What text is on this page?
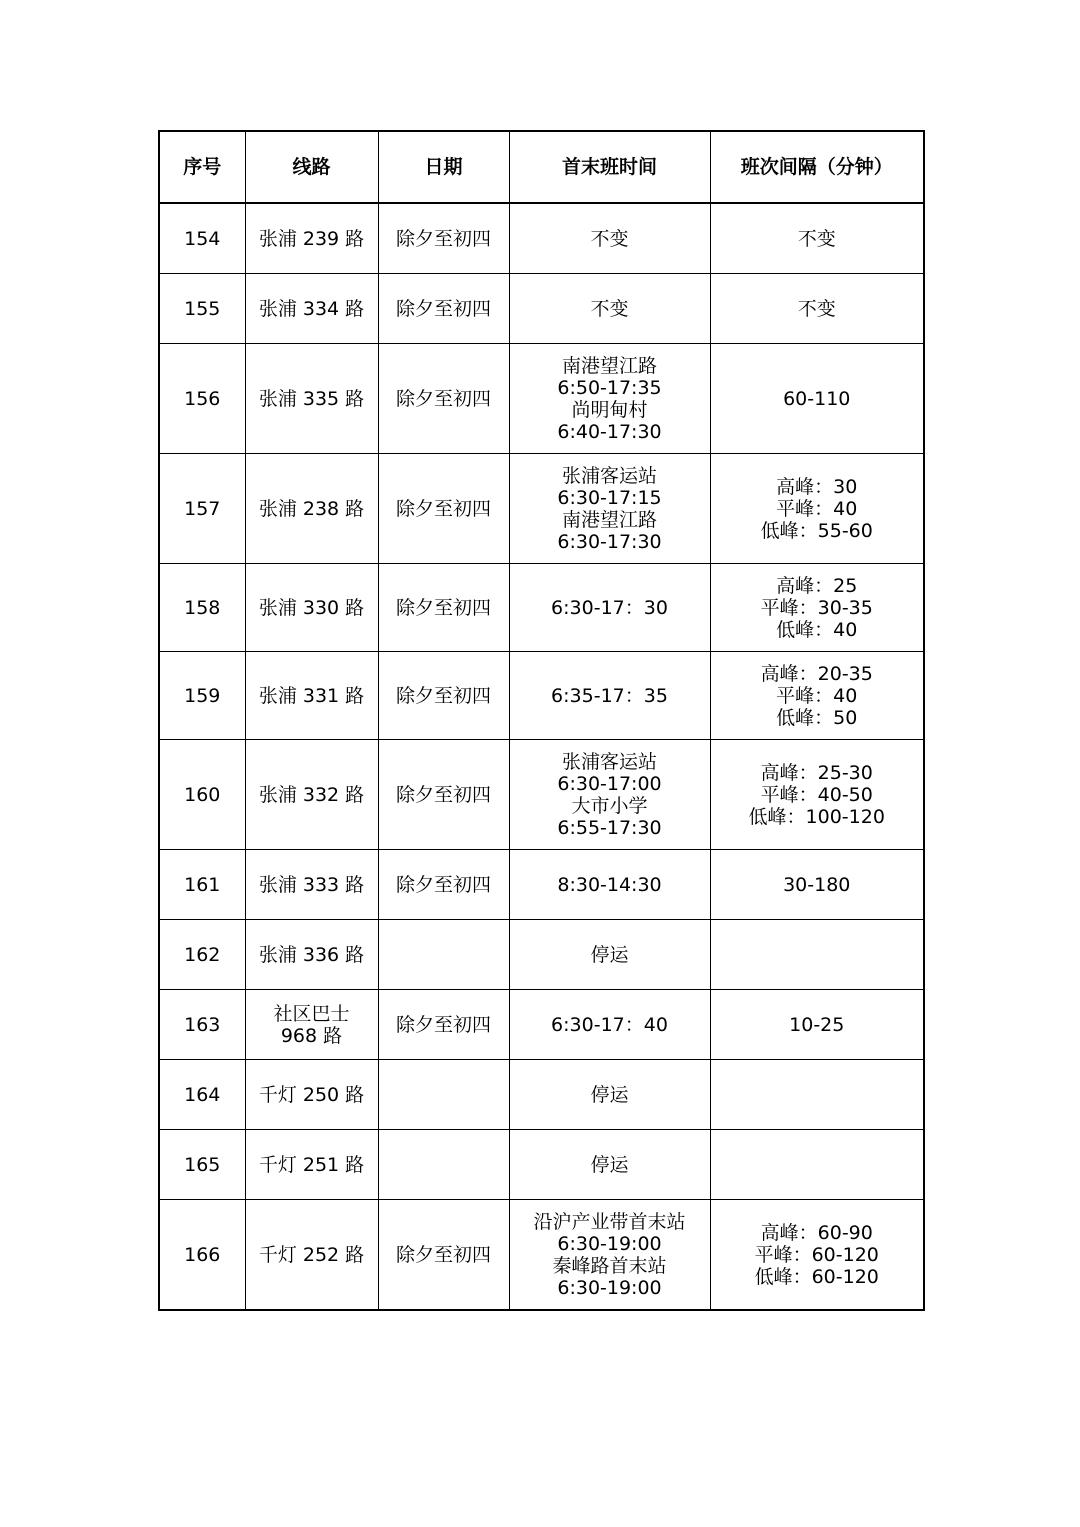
序号	线路	日期	首末班时间	班次间隔（分钟）
154	张浦 239 路	除夕至初四	不变	不变

155	张浦 334 路	除夕至初四	不变	不变

156	张浦 335 路	除夕至初四	南港望江路
6:50-17:35
尚明甸村
6:40-17:30	60-110

157	张浦 238 路	除夕至初四	张浦客运站
6:30-17:15
南港望江路
6:30-17:30	高峰：30
平峰：40
低峰：55-60

158	张浦 330 路	除夕至初四	6:30-17：30	高峰：25
平峰：30-35
低峰：40

159	张浦 331 路	除夕至初四	6:35-17：35	高峰：20-35
平峰：40
低峰：50

160	张浦 332 路	除夕至初四	张浦客运站
6:30-17:00
大市小学
6:55-17:30	高峰：25-30
平峰：40-50
低峰：100-120

161	张浦 333 路	除夕至初四	8:30-14:30	30-180

162	张浦 336 路		停运	

163	社区巴士
968 路	除夕至初四	6:30-17：40	10-25

164	千灯 250 路		停运	

165	千灯 251 路		停运	

166	千灯 252 路	除夕至初四	沿沪产业带首末站
6:30-19:00
秦峰路首末站
6:30-19:00	高峰：60-90
平峰：60-120
低峰：60-120
